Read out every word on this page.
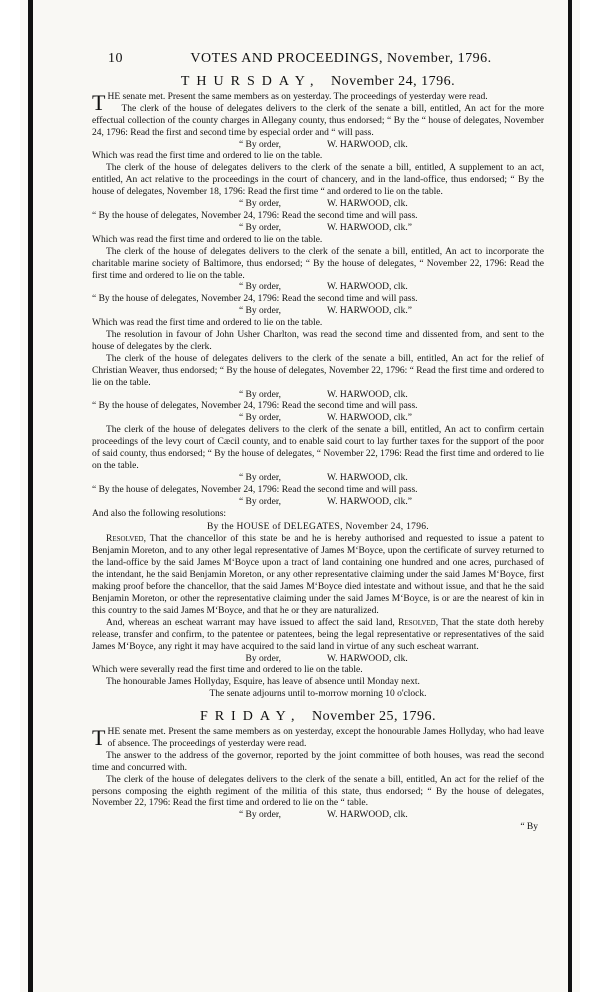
10	VOTES AND PROCEEDINGS, November, 1796.
THURSDAY, November 24, 1796.

THE senate met. Present the same members as on yesterday. The proceedings of yesterday were read.

The clerk of the house of delegates delivers to the clerk of the senate a bill, entitled, An act for the more effectual collection of the county charges in Allegany county, thus endorsed; “ By the “ house of delegates, November 24, 1796: Read the first and second time by especial order and “ will pass.

“ By order,	W. HARWOOD, clk.

Which was read the first time and ordered to lie on the table.

The clerk of the house of delegates delivers to the clerk of the senate a bill, entitled, A supplement to an act, entitled, An act relative to the proceedings in the court of chancery, and in the land-office, thus endorsed; “ By the house of delegates, November 18, 1796: Read the first time “ and ordered to lie on the table.

“ By order,	W. HARWOOD, clk.

“ By the house of delegates, November 24, 1796: Read the second time and will pass.

“ By order,	W. HARWOOD, clk.”

Which was read the first time and ordered to lie on the table.

The clerk of the house of delegates delivers to the clerk of the senate a bill, entitled, An act to incorporate the charitable marine society of Baltimore, thus endorsed; “ By the house of delegates, “ November 22, 1796: Read the first time and ordered to lie on the table.

“ By order,	W. HARWOOD, clk.

“ By the house of delegates, November 24, 1796: Read the second time and will pass.

“ By order,	W. HARWOOD, clk.”

Which was read the first time and ordered to lie on the table.

The resolution in favour of John Usher Charlton, was read the second time and dissented from, and sent to the house of delegates by the clerk.

The clerk of the house of delegates delivers to the clerk of the senate a bill, entitled, An act for the relief of Christian Weaver, thus endorsed; “ By the house of delegates, November 22, 1796: “ Read the first time and ordered to lie on the table.

“ By order,	W. HARWOOD, clk.

“ By the house of delegates, November 24, 1796: Read the second time and will pass.

“ By order,	W. HARWOOD, clk.”

The clerk of the house of delegates delivers to the clerk of the senate a bill, entitled, An act to confirm certain proceedings of the levy court of Cæcil county, and to enable said court to lay further taxes for the support of the poor of said county, thus endorsed; “ By the house of delegates, “ November 22, 1796: Read the first time and ordered to lie on the table.

“ By order,	W. HARWOOD, clk.

“ By the house of delegates, November 24, 1796: Read the second time and will pass.

“ By order,	W. HARWOOD, clk.”

And also the following resolutions:

By the HOUSE of DELEGATES, November 24, 1796.

Resolved, That the chancellor of this state be and he is hereby authorised and requested to issue a patent to Benjamin Moreton, and to any other legal representative of James M‘Boyce, upon the certificate of survey returned to the land-office by the said James M‘Boyce upon a tract of land containing one hundred and one acres, purchased of the intendant, he the said Benjamin Moreton, or any other representative claiming under the said James M‘Boyce, first making proof before the chancellor, that the said James M‘Boyce died intestate and without issue, and that he the said Benjamin Moreton, or other the representative claiming under the said James M‘Boyce, is or are the nearest of kin in this country to the said James M‘Boyce, and that he or they are naturalized.

And, whereas an escheat warrant may have issued to affect the said land, Resolved, That the state doth hereby release, transfer and confirm, to the patentee or patentees, being the legal representative or representatives of the said James M‘Boyce, any right it may have acquired to the said land in virtue of any such escheat warrant.

By order,	W. HARWOOD, clk.

Which were severally read the first time and ordered to lie on the table.

The honourable James Hollyday, Esquire, has leave of absence until Monday next.

The senate adjourns until to-morrow morning 10 o'clock.

FRIDAY, November 25, 1796.

THE senate met. Present the same members as on yesterday, except the honourable James Hollyday, who had leave of absence. The proceedings of yesterday were read.

The answer to the address of the governor, reported by the joint committee of both houses, was read the second time and concurred with.

The clerk of the house of delegates delivers to the clerk of the senate a bill, entitled, An act for the relief of the persons composing the eighth regiment of the militia of this state, thus endorsed; “ By the house of delegates, November 22, 1796: Read the first time and ordered to lie on the “ table.

“ By order,	W. HARWOOD, clk.

“ By
